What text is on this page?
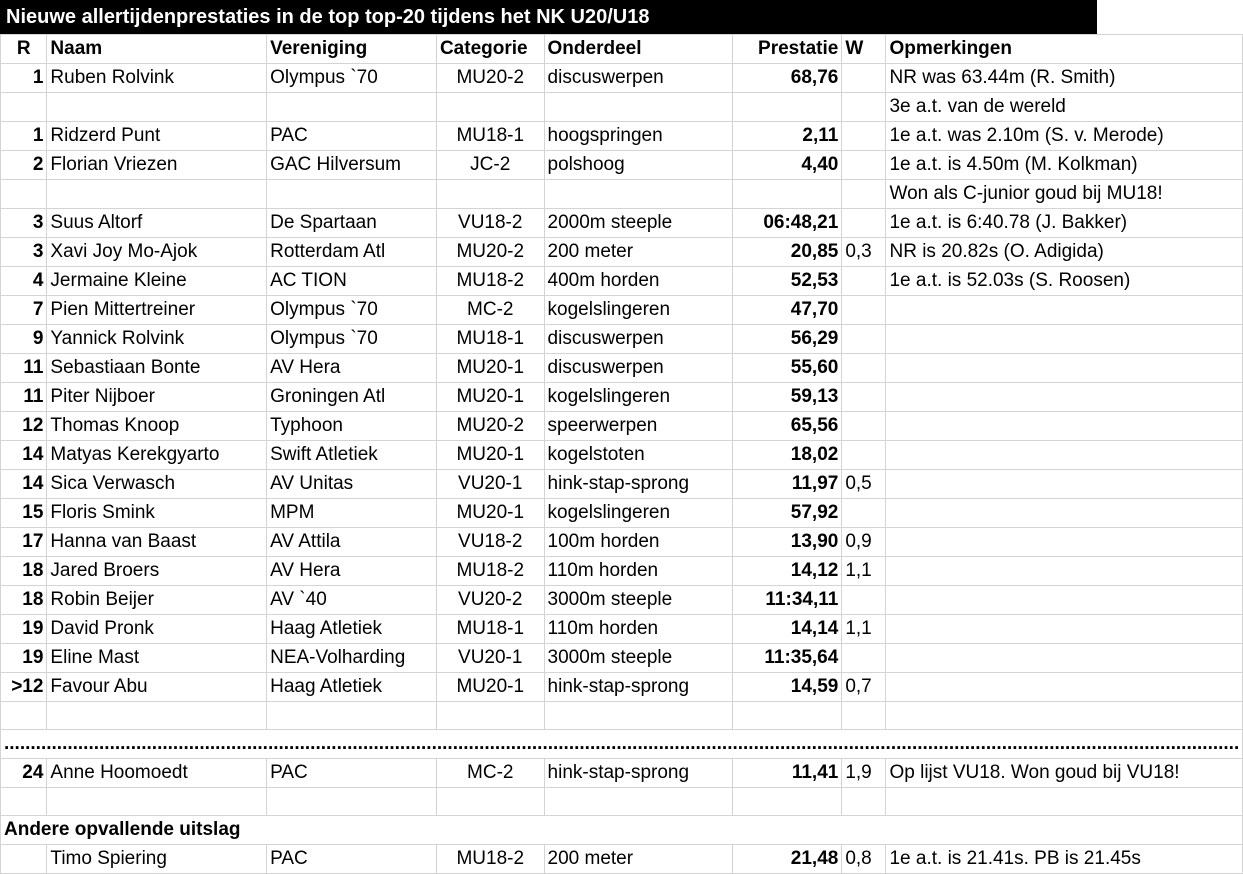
Nieuwe allertijdenprestaties in de top top-20 tijdens het NK U20/U18
R	Naam	Vereniging	Categorie	Onderdeel	Prestatie	W	Opmerkingen
1	Ruben Rolvink	Olympus `70	MU20-2	discuswerpen	68,76		NR was 63.44m (R. Smith)
							3e a.t. van de wereld
1	Ridzerd Punt	PAC	MU18-1	hoogspringen	2,11		1e a.t. was 2.10m (S. v. Merode)
2	Florian Vriezen	GAC Hilversum	JC-2	polshoog	4,40		1e a.t. is 4.50m (M. Kolkman)
							Won als C-junior goud bij MU18!
3	Suus Altorf	De Spartaan	VU18-2	2000m steeple	06:48,21		1e a.t. is 6:40.78 (J. Bakker)
3	Xavi Joy Mo-Ajok	Rotterdam Atl	MU20-2	200 meter	20,85	0,3	NR is 20.82s (O. Adigida)
4	Jermaine Kleine	AC TION	MU18-2	400m horden	52,53		1e a.t. is 52.03s (S. Roosen)
7	Pien Mittertreiner	Olympus `70	MC-2	kogelslingeren	47,70		
9	Yannick Rolvink	Olympus `70	MU18-1	discuswerpen	56,29		
11	Sebastiaan Bonte	AV Hera	MU20-1	discuswerpen	55,60		
11	Piter Nijboer	Groningen Atl	MU20-1	kogelslingeren	59,13		
12	Thomas Knoop	Typhoon	MU20-2	speerwerpen	65,56		
14	Matyas Kerekgyarto	Swift Atletiek	MU20-1	kogelstoten	18,02		
14	Sica Verwasch	AV Unitas	VU20-1	hink-stap-sprong	11,97	0,5	
15	Floris Smink	MPM	MU20-1	kogelslingeren	57,92		
17	Hanna van Baast	AV Attila	VU18-2	100m horden	13,90	0,9	
18	Jared Broers	AV Hera	MU18-2	110m horden	14,12	1,1	
18	Robin Beijer	AV `40	VU20-2	3000m steeple	11:34,11		
19	David Pronk	Haag Atletiek	MU18-1	110m horden	14,14	1,1	
19	Eline Mast	NEA-Volharding	VU20-1	3000m steeple	11:35,64		
>12	Favour Abu	Haag Atletiek	MU20-1	hink-stap-sprong	14,59	0,7	

..........................................................................................................................................................................................................................................							

24	Anne Hoomoedt	PAC	MC-2	hink-stap-sprong	11,41	1,9	Op lijst VU18. Won goud bij VU18!

Andere opvallende uitslag							
	Timo Spiering	PAC	MU18-2	200 meter	21,48	0,8	1e a.t. is 21.41s. PB is 21.45s
